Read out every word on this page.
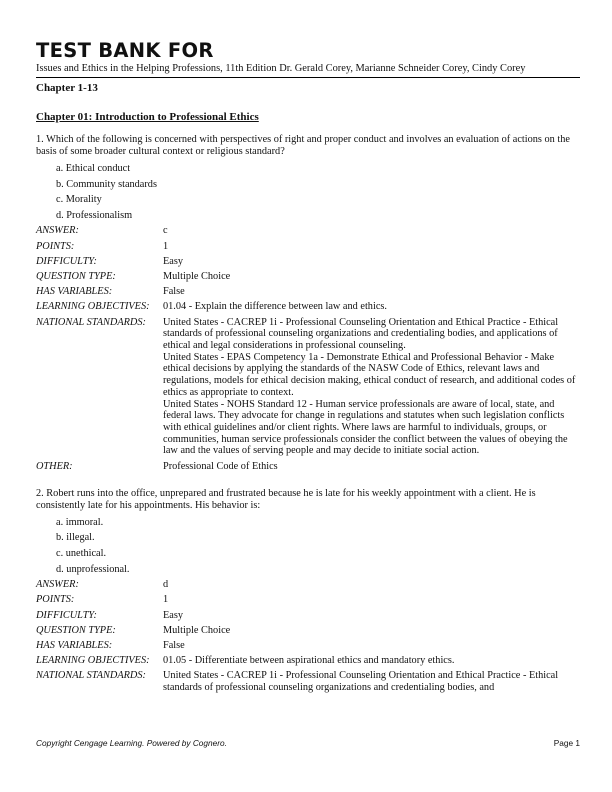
TEST BANK FOR
Issues and Ethics in the Helping Professions, 11th Edition Dr. Gerald Corey, Marianne Schneider Corey, Cindy Corey
Chapter 1-13
Chapter 01: Introduction to Professional Ethics
1. Which of the following is concerned with perspectives of right and proper conduct and involves an evaluation of actions on the basis of some broader cultural context or religious standard?
a. Ethical conduct
b. Community standards
c. Morality
d. Professionalism
ANSWER:	c
POINTS:	1
DIFFICULTY:	Easy
QUESTION TYPE:	Multiple Choice
HAS VARIABLES:	False
LEARNING OBJECTIVES:	01.04 - Explain the difference between law and ethics.
NATIONAL STANDARDS:	United States - CACREP 1i - Professional Counseling Orientation and Ethical Practice - Ethical standards of professional counseling organizations and credentialing bodies, and applications of ethical and legal considerations in professional counseling.

United States - EPAS Competency 1a - Demonstrate Ethical and Professional Behavior - Make ethical decisions by applying the standards of the NASW Code of Ethics, relevant laws and regulations, models for ethical decision making, ethical conduct of research, and additional codes of ethics as appropriate to context.

United States - NOHS Standard 12 - Human service professionals are aware of local, state, and federal laws. They advocate for change in regulations and statutes when such legislation conflicts with ethical guidelines and/or client rights. Where laws are harmful to individuals, groups, or communities, human service professionals consider the conflict between the values of obeying the law and the values of serving people and may decide to initiate social action.

OTHER:	Professional Code of Ethics
2. Robert runs into the office, unprepared and frustrated because he is late for his weekly appointment with a client. He is consistently late for his appointments. His behavior is:
a. immoral.
b. illegal.
c. unethical.
d. unprofessional.
ANSWER:	d
POINTS:	1
DIFFICULTY:	Easy
QUESTION TYPE:	Multiple Choice
HAS VARIABLES:	False
LEARNING OBJECTIVES:	01.05 - Differentiate between aspirational ethics and mandatory ethics.
NATIONAL STANDARDS:	United States - CACREP 1i - Professional Counseling Orientation and Ethical Practice - Ethical standards of professional counseling organizations and credentialing bodies, and

Copyright Cengage Learning. Powered by Cognero.	Page 1
